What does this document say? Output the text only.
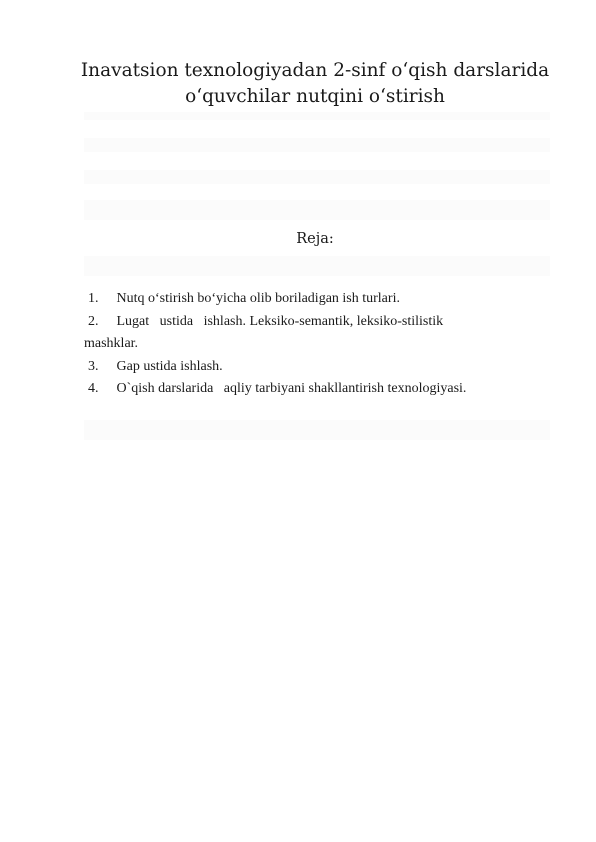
Inavatsion texnologiyadan 2-sinf o‘qish darslarida
o‘quvchilar nutqini o‘stirish
Reja:
1. Nutq o‘stirish bo‘yicha olib boriladigan ish turlari.
2. Lugat   ustida   ishlash. Leksiko-semantik, leksiko-stilistik
mashklar.
3. Gap ustida ishlash.
4. O`qish darslarida   aqliy tarbiyani shakllantirish texnologiyasi.
